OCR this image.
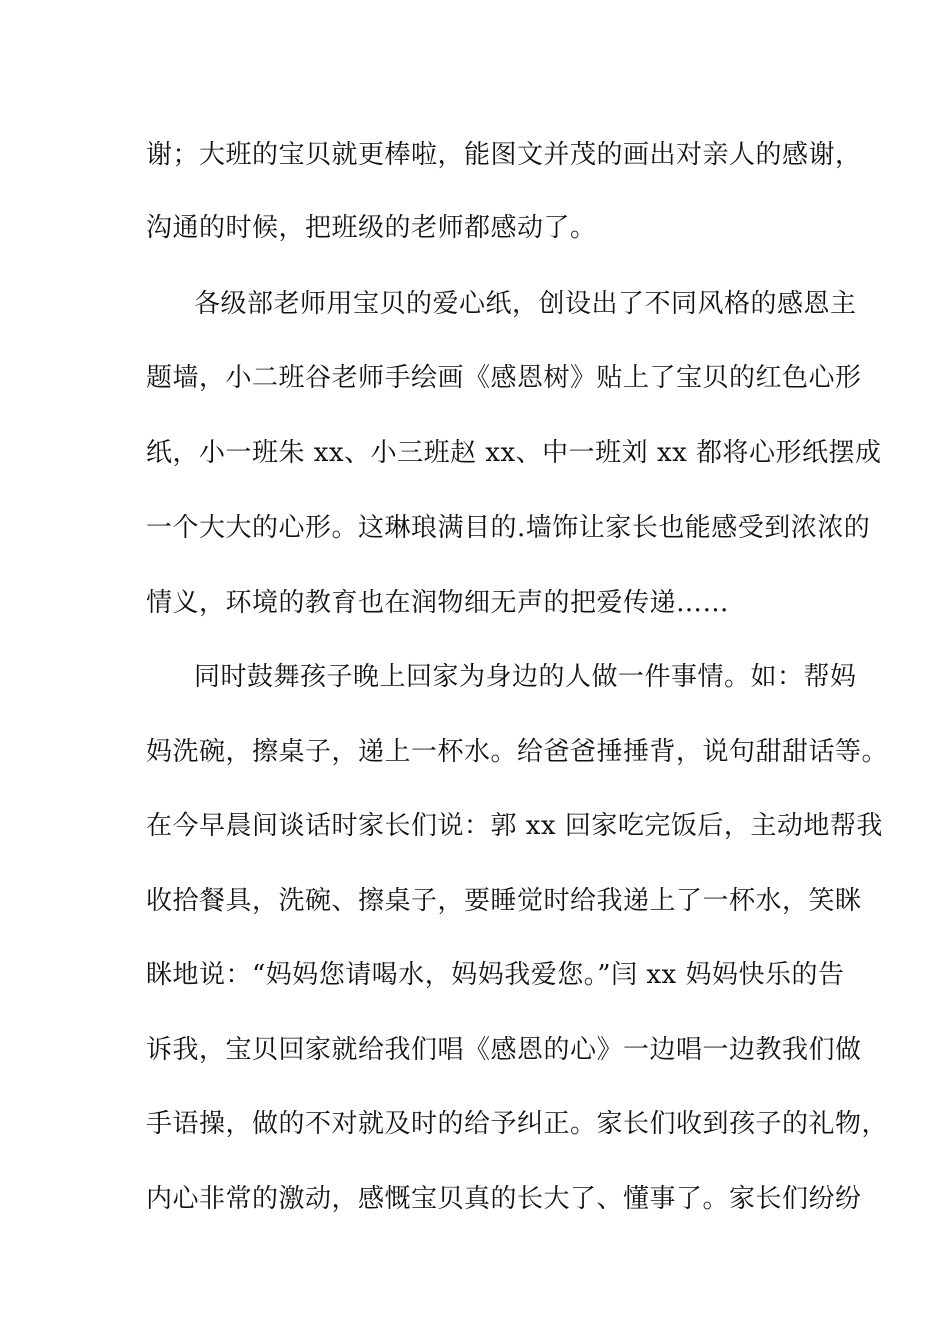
谢；大班的宝贝就更棒啦，能图文并茂的画出对亲人的感谢，
沟通的时候，把班级的老师都感动了。
各级部老师用宝贝的爱心纸，创设出了不同风格的感恩主
题墙，小二班谷老师手绘画《感恩树》贴上了宝贝的红色心形
纸，小一班朱 xx、小三班赵 xx、中一班刘 xx 都将心形纸摆成
一个大大的心形。这琳琅满目的.墙饰让家长也能感受到浓浓的
情义，环境的教育也在润物细无声的把爱传递……
同时鼓舞孩子晚上回家为身边的人做一件事情。如：帮妈
妈洗碗，擦桌子，递上一杯水。给爸爸捶捶背，说句甜甜话等。
在今早晨间谈话时家长们说：郭 xx 回家吃完饭后，主动地帮我
收拾餐具，洗碗、擦桌子，要睡觉时给我递上了一杯水，笑眯
眯地说：“妈妈您请喝水，妈妈我爱您。”闫 xx 妈妈快乐的告
诉我，宝贝回家就给我们唱《感恩的心》一边唱一边教我们做
手语操，做的不对就及时的给予纠正。家长们收到孩子的礼物，
内心非常的激动，感慨宝贝真的长大了、懂事了。家长们纷纷
